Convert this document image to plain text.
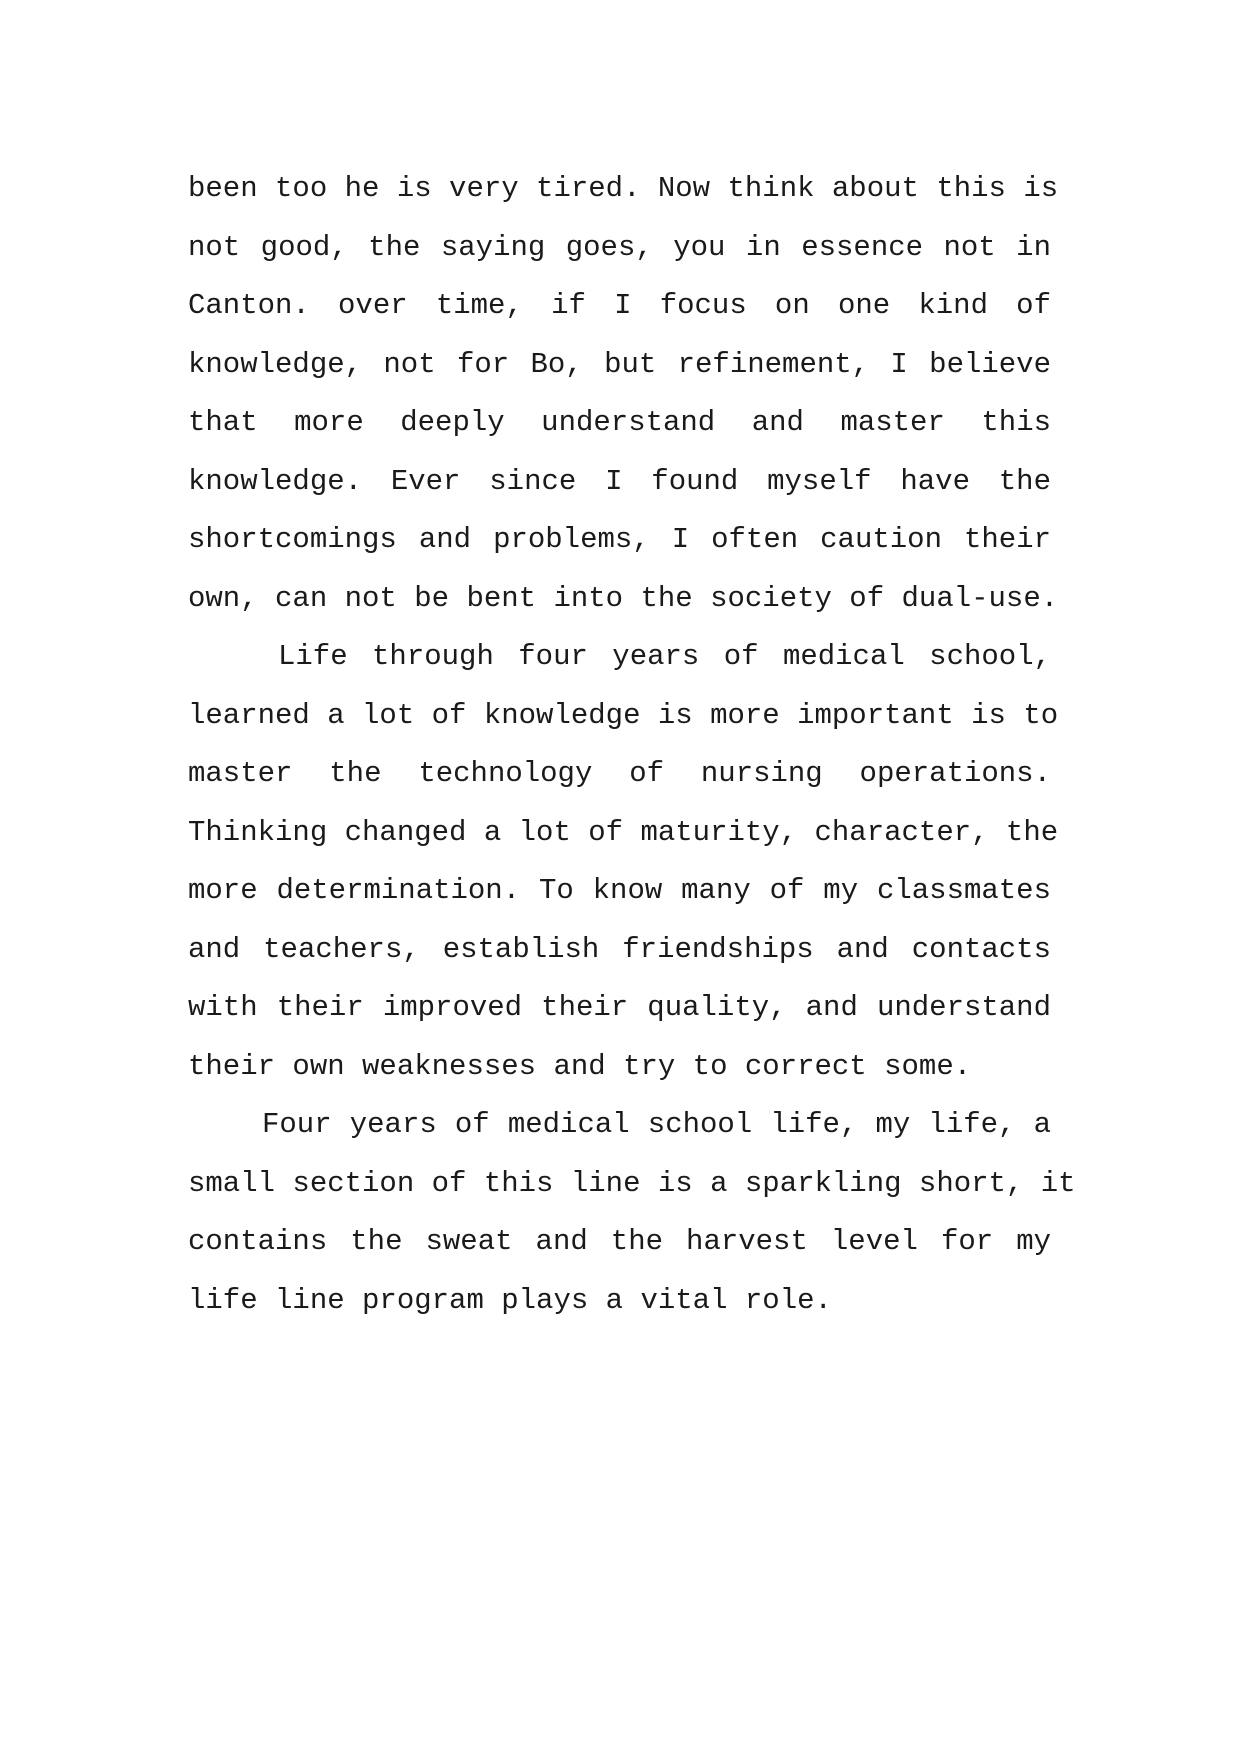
been too he is very tired. Now think about this is
not good, the saying goes, you in essence not in
Canton. over time, if I focus on one kind of
knowledge, not for Bo, but refinement, I believe
that more deeply understand and master this
knowledge. Ever since I found myself have the
shortcomings and problems, I often caution their
own, can not be bent into the society of dual-use.
Life through four years of medical school,
learned a lot of knowledge is more important is to
master the technology of nursing operations.
Thinking changed a lot of maturity, character, the
more determination. To know many of my classmates
and teachers, establish friendships and contacts
with their improved their quality, and understand
their own weaknesses and try to correct some.
Four years of medical school life, my life, a
small section of this line is a sparkling short, it
contains the sweat and the harvest level for my
life line program plays a vital role.
